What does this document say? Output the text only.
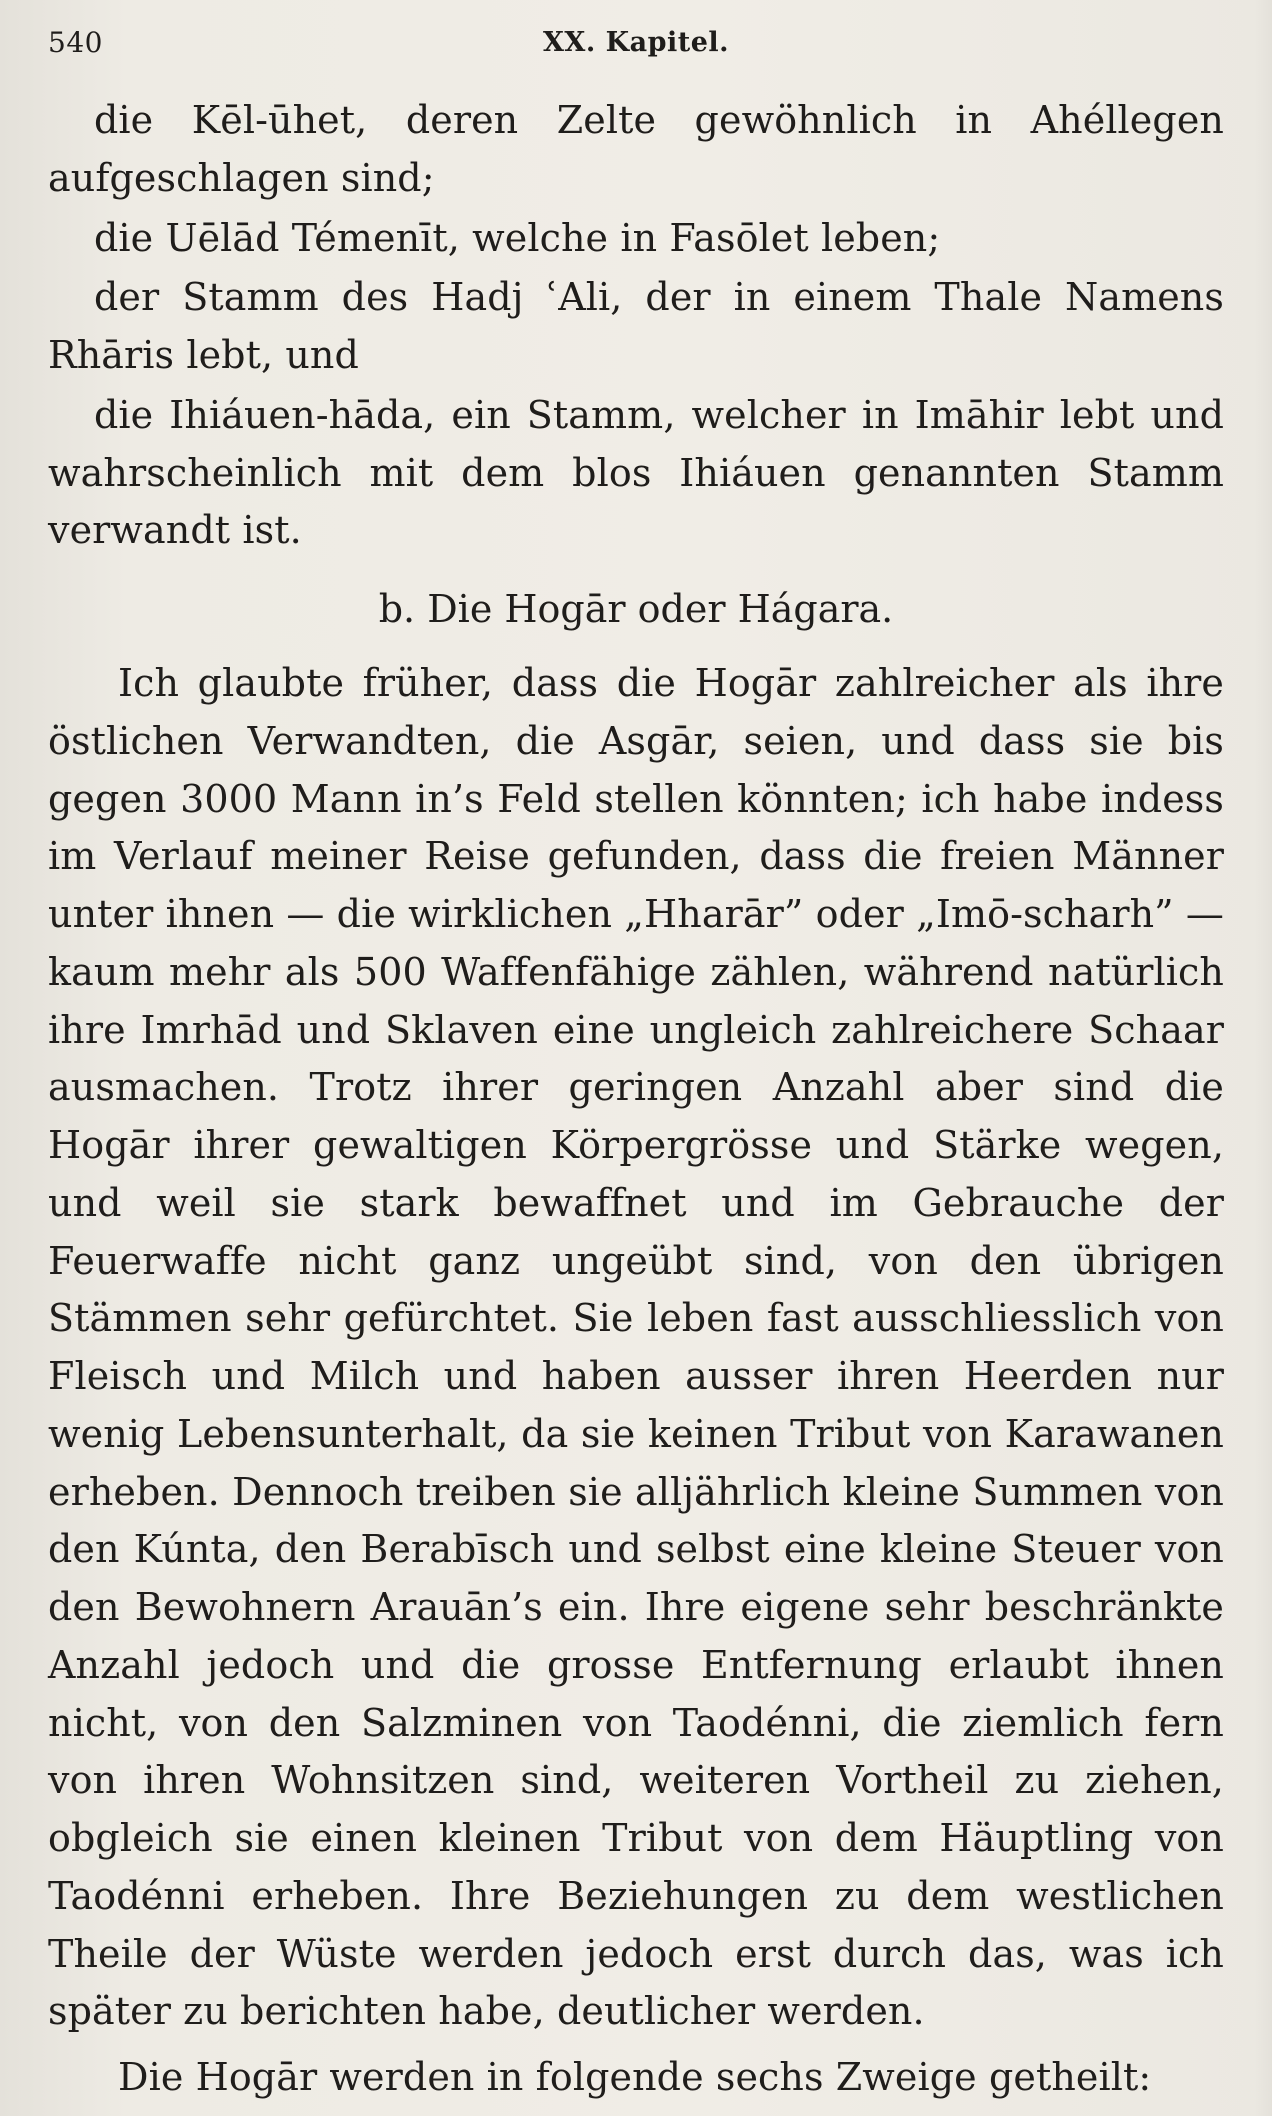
540	XX. Kapitel.

die Kēl-ūhet, deren Zelte gewöhnlich in Ahéllegen aufgeschlagen sind;

die Uēlād Témenīt, welche in Fasōlet leben;

der Stamm des Hadj ʿAli, der in einem Thale Namens Rhāris lebt, und

die Ihiáuen-hāda, ein Stamm, welcher in Imāhir lebt und wahrscheinlich mit dem blos Ihiáuen genannten Stamm verwandt ist.

b. Die Hogār oder Hágara.

Ich glaubte früher, dass die Hogār zahlreicher als ihre östlichen Verwandten, die Asgār, seien, und dass sie bis gegen 3000 Mann in’s Feld stellen könnten; ich habe indess im Verlauf meiner Reise gefunden, dass die freien Männer unter ihnen — die wirklichen „Hharār” oder „Imō-scharh” — kaum mehr als 500 Waffenfähige zählen, während natürlich ihre Imrhād und Sklaven eine ungleich zahlreichere Schaar ausmachen. Trotz ihrer geringen Anzahl aber sind die Hogār ihrer gewaltigen Körpergrösse und Stärke wegen, und weil sie stark bewaffnet und im Gebrauche der Feuerwaffe nicht ganz ungeübt sind, von den übrigen Stämmen sehr gefürchtet. Sie leben fast ausschliesslich von Fleisch und Milch und haben ausser ihren Heerden nur wenig Lebensunterhalt, da sie keinen Tribut von Karawanen erheben. Dennoch treiben sie alljährlich kleine Summen von den Kúnta, den Berabīsch und selbst eine kleine Steuer von den Bewohnern Arauān’s ein. Ihre eigene sehr beschränkte Anzahl jedoch und die grosse Entfernung erlaubt ihnen nicht, von den Salzminen von Taodénni, die ziemlich fern von ihren Wohnsitzen sind, weiteren Vortheil zu ziehen, obgleich sie einen kleinen Tribut von dem Häuptling von Taodénni erheben. Ihre Beziehungen zu dem westlichen Theile der Wüste werden jedoch erst durch das, was ich später zu berichten habe, deutlicher werden.

Die Hogār werden in folgende sechs Zweige getheilt:
